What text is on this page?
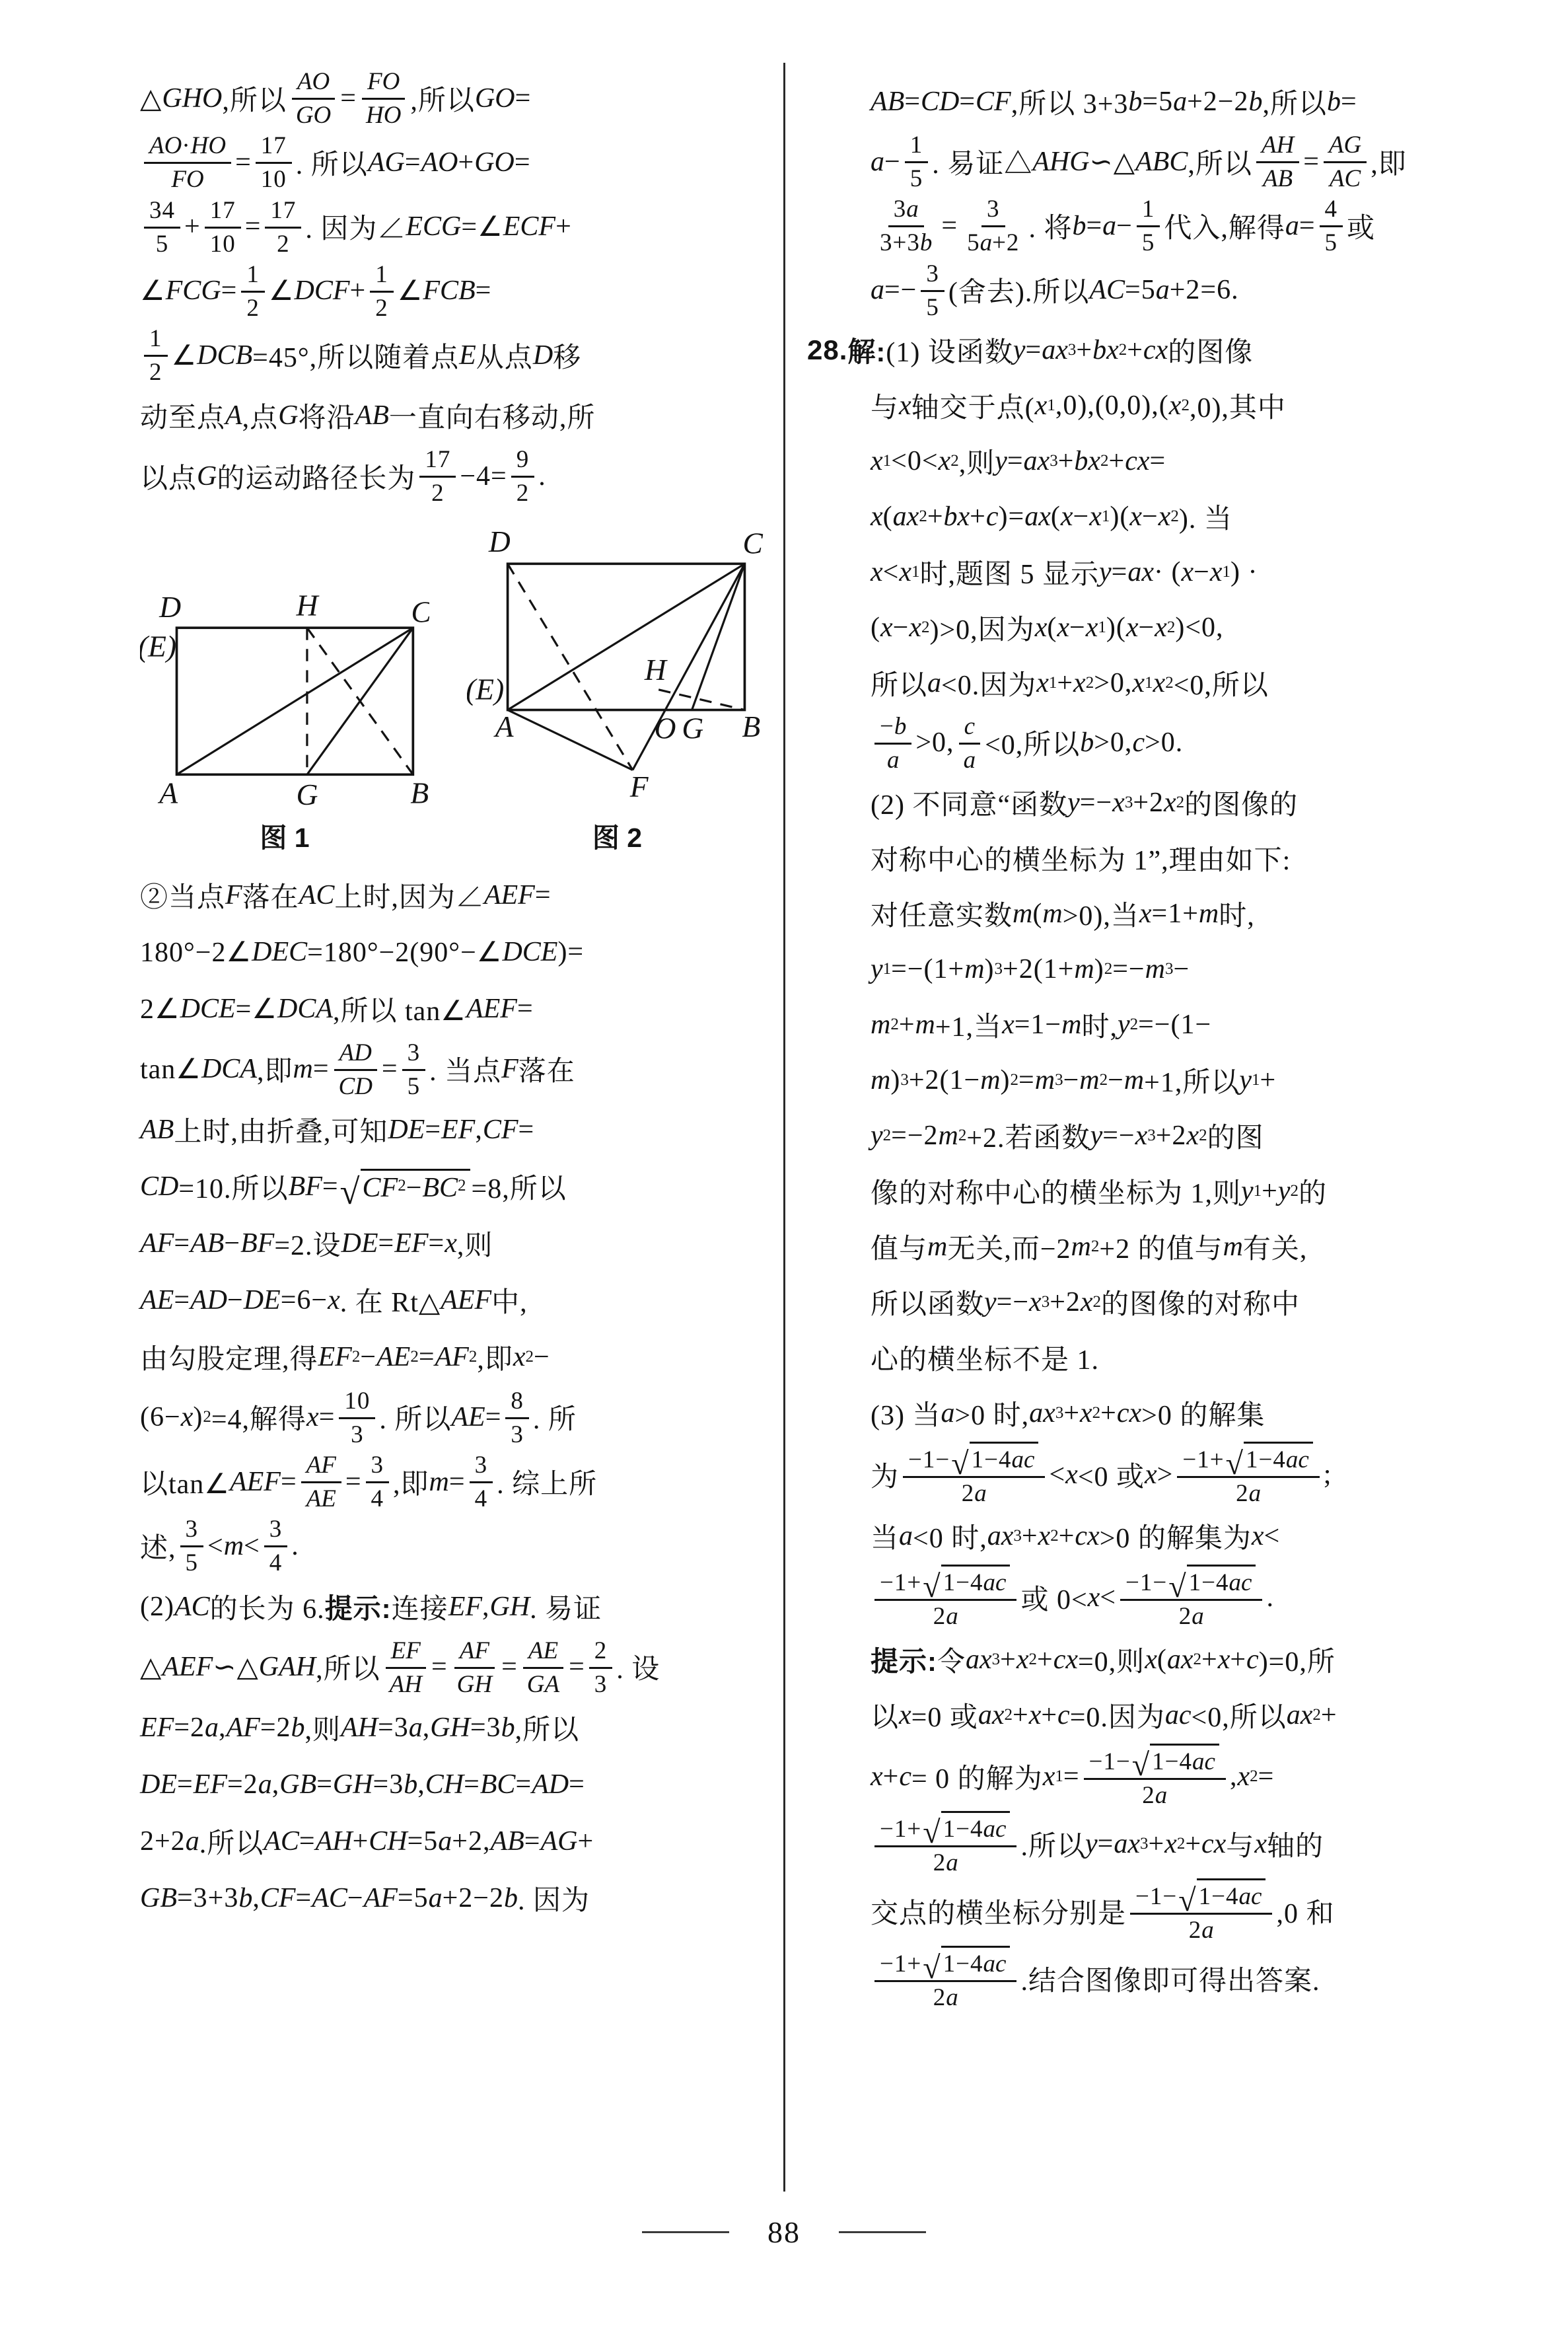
△ GHO ,所以
AO
GO
=
FO
HO ,所以 GO =
AO · HO
FO
=
17
10 . 所以 AG = AO + GO =
34
5
+
17
10
=
17
2 . 因为∠ ECG =∠ ECF +
∠ FCG =
1
2
∠ DCF +
1
2
∠ FCB =
1
2
∠ DCB =45°,所以随着点 E 从点 D 移
动至点 A ,点 G 将沿 AB 一直向右移动,所
以点 G 的运动路径长为
17
2
−4=
9
2
.
D
(E)
H	C
A	G	B
图 1
D	C
(E)
A	B
H
O G
F
图 2
②当点 F 落在 AC 上时,因为∠ AEF =
180°−2∠ DEC =180°−2(90°−∠ DCE )=
2∠ DCE =∠ DCA ,所以 tan∠ AEF =
tan∠ DCA ,即 m =
AD
CD
=
3
5 . 当点 F 落在
AB 上时,由折叠,可知 DE = EF , CF =
CD =10.所以 BF = √ $CF^2-BC^2 =8$,所以
AF = AB − BF =2.设 DE = EF = x ,则
AE = AD − DE =6− x . 在 Rt△ AEF 中,
由勾股定理,得 EF 2 − AE 2 = AF 2 ,即 x 2 −
(6− x ) 2 =4,解得 x =
10
3 . 所以 AE =
8
3 . 所
以tan∠ AEF =
AF
AE
=
3
4 ,即 m =
3
4 . 综上所
述,
3
5
< m <
3
4
.
(2) AC 的长为 6. 提示: 连接 EF , GH . 易证
△ AEF ∽△ GAH ,所以
EF
AH
=
AF
GH
=
AE
GA
=
2
3 . 设
EF =2 a , AF =2 b ,则 AH =3 a , GH =3 b ,所以
DE = EF =2 a , GB = GH =3 b , CH = BC = AD =
2+2 a .所以 AC = AH + CH =5 a +2, AB = AG +
GB =3+3 b , CF = AC − AF =5 a +2−2 b . 因为
AB = CD = CF ,所以 3+3 b =5 a +2−2 b ,所以 b =
a −
1
5 . 易证△ AHG ∽△ ABC ,所以
AH
AB
=
AG
AC ,即
3 a
3+3 b
=
3
5 a +2 . 将 b = a −
1
5 代入,解得 a =
4
5 或
a =−
3
5 (舍去).所以 AC =5 a +2=6.
28. 解: (1) 设函数 y = ax 3 + bx 2 + cx 的图像
与 x 轴交于点( x 1 ,0),(0,0),( x 2 ,0),其中
x 1 <0< x 2 ,则 y = ax 3 + bx 2 + cx =
x ( ax 2 + bx + c )= ax ( x − x 1 )( x − x 2 ). 当
x < x 1 时,题图 5 显示 y = ax · ( x − x 1 ) ·
( x − x 2 )>0,因为 x ( x − x 1 )( x − x 2 )<0,
所以 a <0.因为 x 1 + x 2 >0, x 1 x 2 <0,所以
− b
a
>0,
c
a <0,所以 b >0, c >0.
(2) 不同意“函数 y =− x 3 +2 x 2 的图像的
对称中心的横坐标为 1”,理由如下:
对任意实数 m ( m >0),当 x =1+ m 时,
y 1 =−(1+ m ) 3 +2(1+ m ) 2 =− m 3 −
m 2 + m +1,当 x =1− m 时, y 2 =−(1−
m ) 3 +2(1− m ) 2 = m 3 − m 2 − m +1,所以 y 1 +
y 2 =−2 m 2 +2.若函数 y =− x 3 +2 x 2 的图
像的对称中心的横坐标为 1,则 y 1 + y 2 的
值与 m 无关,而−2 m 2 +2 的值与 m 有关,
所以函数 y =− x 3 +2 x 2 的图像的对称中
心的横坐标不是 1.
(3) 当 a >0 时, ax 3 + x 2 + cx >0 的解集
为
−1− √ 1−4ac
2 a
< x <0 或 x > −1+ √ 1−4ac
2 a
;
当 a <0 时, ax 3 + x 2 + cx >0 的解集为 x <
−1+ √ 1−4ac
2 a
或 0< x < −1− √ 1−4ac
2 a
.
提示: 令 ax 3 + x 2 + cx =0,则 x ( ax 2 + x + c )=0,所
以 x =0 或 ax 2 + x + c =0.因为 ac <0,所以 ax 2 +
x + c = 0 的解为 x 1 = −1− √ 1−4ac
2 a
, x 2 =
−1+ √ 1−4ac
2 a
.所以 y = ax 3 + x 2 + cx 与 x 轴的
交点的横坐标分别是
−1− √ 1−4ac
2 a
,0 和
−1+ √ 1−4ac
2 a
.结合图像即可得出答案.
88
